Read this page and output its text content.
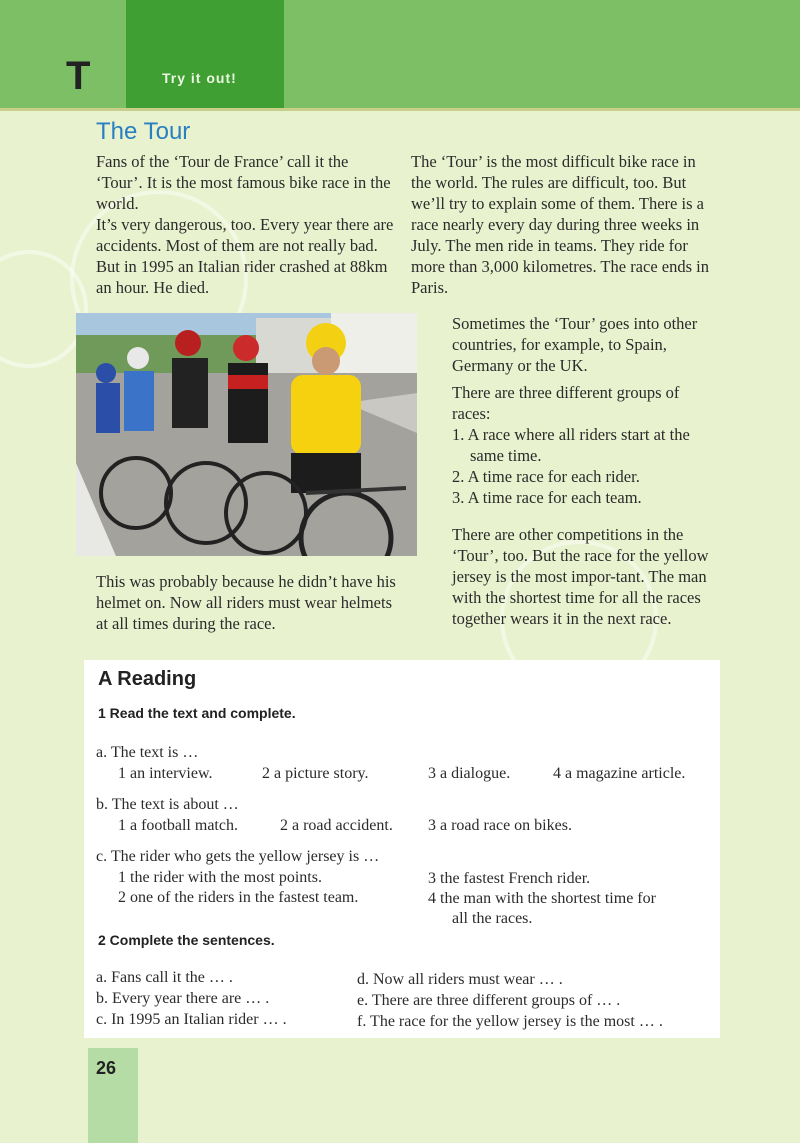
T	Try it out!
The Tour

Fans of the ‘Tour de France’ call it the ‘Tour’. It is the most famous bike race in the world.

It’s very dangerous, too. Every year there are accidents. Most of them are not really bad. But in 1995 an Italian rider crashed at 88km an hour. He died.

The ‘Tour’ is the most difficult bike race in the world. The rules are difficult, too. But we’ll try to explain some of them. There is a race nearly every day during three weeks in July. The men ride in teams. They ride for more than 3,000 kilometres. The race ends in Paris.

Sometimes the ‘Tour’ goes into other countries, for example, to Spain, Germany or the UK.

There are three different groups of races:

1. A race where all riders start at the same time.
2. A time race for each rider.
3. A time race for each team.

There are other competitions in the ‘Tour’, too. But the race for the yellow jersey is the most impor-tant. The man with the shortest time for all the races together wears it in the next race.

This was probably because he didn’t have his helmet on. Now all riders must wear helmets at all times during the race.

A Reading
1 Read the text and complete.
a. The text is …
1 an interview.	2 a picture story.	3 a dialogue.	4 a magazine article.
b. The text is about …
1 a football match.	2 a road accident. 3 a road race on bikes.
c. The rider who gets the yellow jersey is …
1 the rider with the most points.
2 one of the riders in the fastest team.
3 the fastest French rider.
4 the man with the shortest time for
all the races.
2 Complete the sentences.
a. Fans call it the … .
b. Every year there are … .
c. In 1995 an Italian rider … .
d. Now all riders must wear … .
e. There are three different groups of … .
f. The race for the yellow jersey is the most … .
26
